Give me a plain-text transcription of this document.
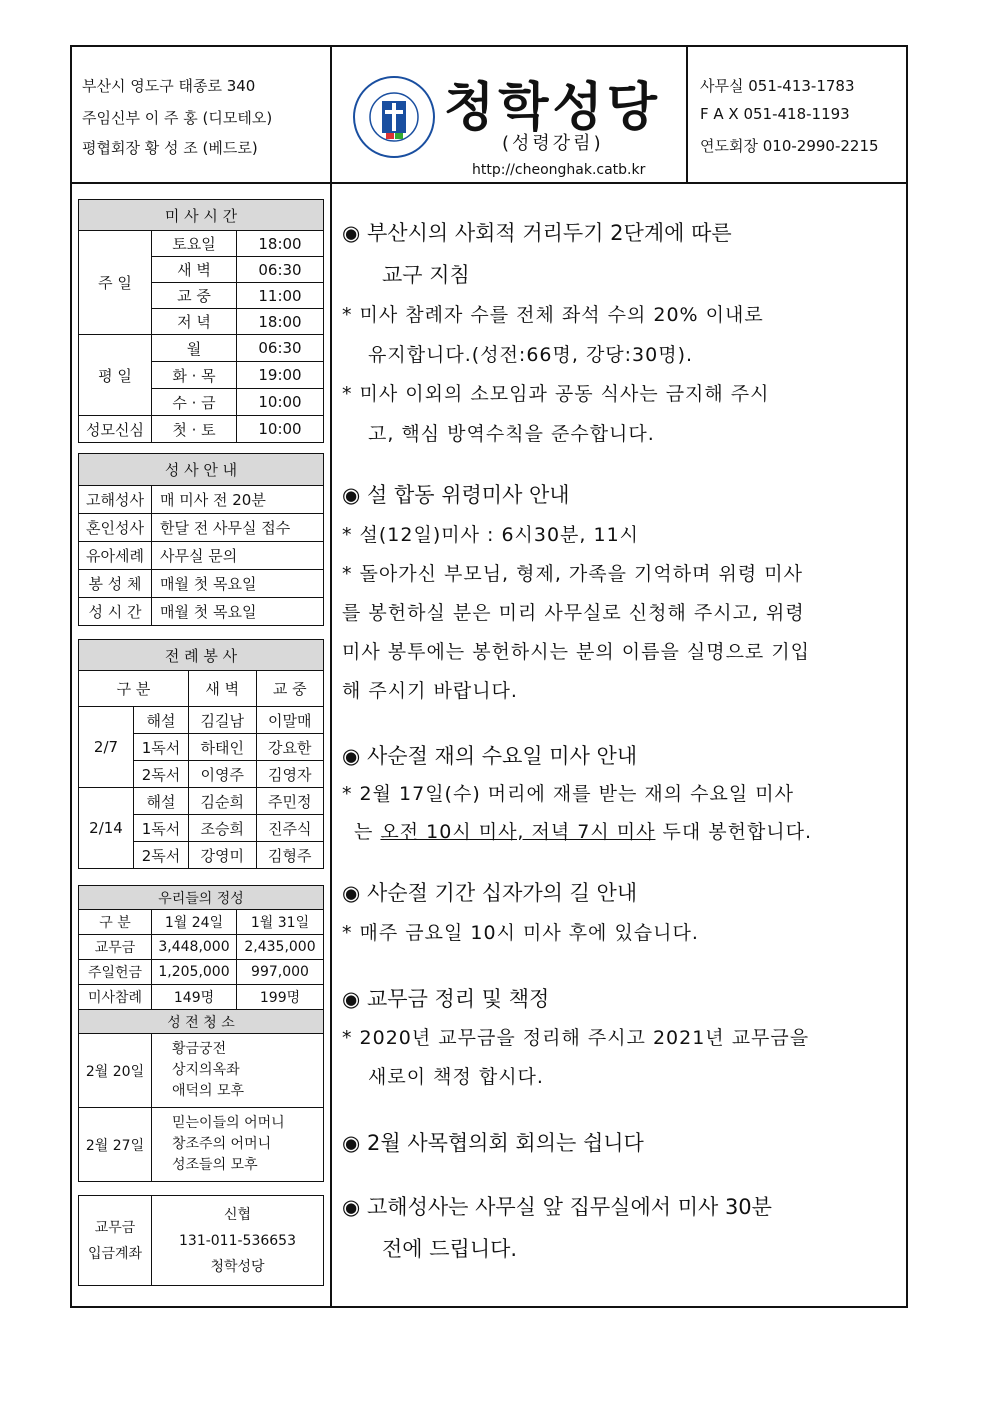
부산시 영도구 태종로 340
주임신부 이 주 홍 (디모테오)
평협회장 황 성 조 (베드로)
청학성당
(성령강림)
http://cheonghak.catb.kr
사무실 051-413-1783
F A X 051-418-1193
연도회장 010-2990-2215
미 사 시 간		
주 일	토요일	18:00
	새 벽	06:30
	교 중	11:00
	저 녁	18:00
평 일	월	06:30
	화 · 목	19:00
	수 · 금	10:00
성모신심	첫 · 토	10:00
성 사 안 내	
고해성사	매 미사 전 20분
혼인성사	한달 전 사무실 접수
유아세례	사무실 문의
봉 성 체	매월 첫 목요일
성 시 간	매월 첫 목요일
전 례 봉 사			
구 분		새 벽	교 중
2/7	해설	김길남	이말매
	1독서	하태인	강요한
	2독서	이영주	김영자
2/14	해설	김순희	주민정
	1독서	조승희	진주식
	2독서	강영미	김형주
우리들의 정성		
구 분	1월 24일	1월 31일
교무금	3,448,000	2,435,000
주일헌금	1,205,000	997,000
미사참례	149명	199명
성 전 청 소		
2월 20일	황금궁전
상지의옥좌
애덕의 모후	

2월 27일	믿는이들의 어머니
창조주의 어머니
성조들의 모후	
교무금
입금계좌

신협
131-011-536653
청학성당
◉ 부산시의 사회적 거리두기 2단계에 따른
교구 지침
* 미사 참례자 수를 전체 좌석 수의 20% 이내로
유지합니다.(성전:66명, 강당:30명).
* 미사 이외의 소모임과 공동 식사는 금지해 주시
고, 핵심 방역수칙을 준수합니다.
◉ 설 합동 위령미사 안내
* 설(12일)미사 : 6시30분, 11시
* 돌아가신 부모님, 형제, 가족을 기억하며 위령 미사
를 봉헌하실 분은 미리 사무실로 신청해 주시고, 위령
미사 봉투에는 봉헌하시는 분의 이름을 실명으로 기입
해 주시기 바랍니다.
◉ 사순절 재의 수요일 미사 안내
* 2월 17일(수) 머리에 재를 받는 재의 수요일 미사
는 오전 10시 미사, 저녁 7시 미사 두대 봉헌합니다.
◉ 사순절 기간 십자가의 길 안내
* 매주 금요일 10시 미사 후에 있습니다.
◉ 교무금 정리 및 책정
* 2020년 교무금을 정리해 주시고 2021년 교무금을
새로이 책정 합시다.
◉ 2월 사목협의회 회의는 쉽니다
◉ 고해성사는 사무실 앞 집무실에서 미사 30분
전에 드립니다.
